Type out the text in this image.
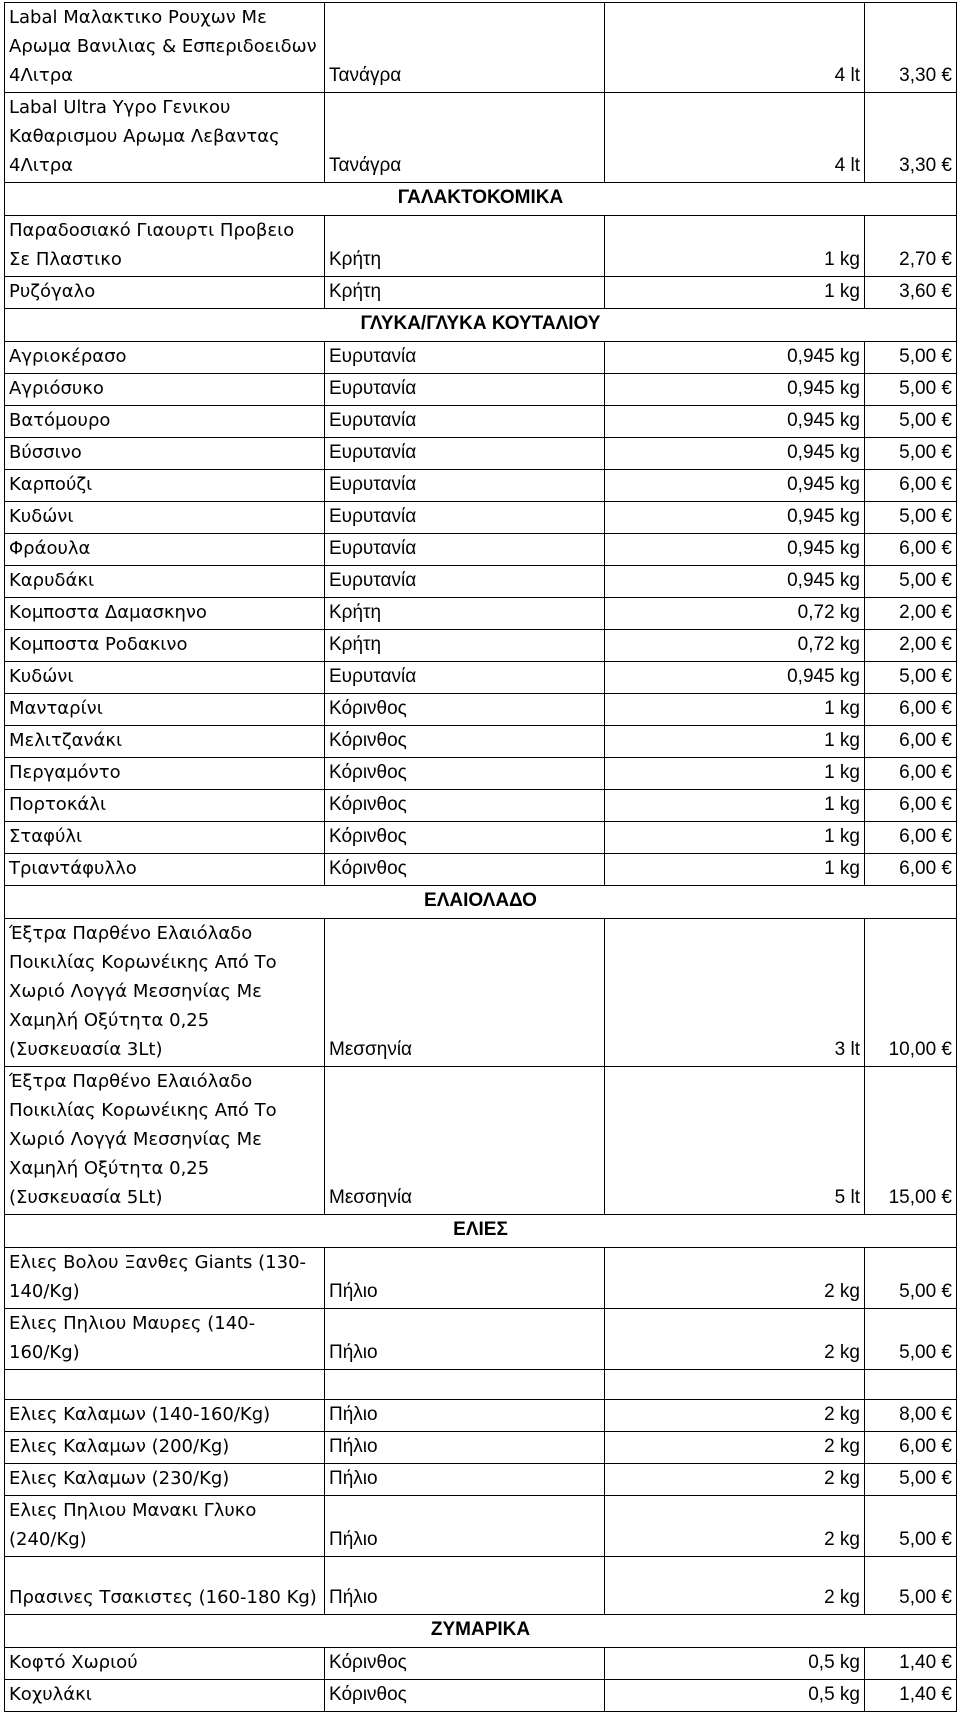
Labal Μαλακτικο Ρουχων Με Αρωμα Βανιλιας & Εσπεριδοειδων 4Λιτρα	Τανάγρα	4 lt	3,30 €
Labal Ultra Υγρο Γενικου Καθαρισμου Αρωμα Λεβαντας 4Λιτρα	Τανάγρα	4 lt	3,30 €
ΓΑΛΑΚΤΟΚΟΜΙΚΑ			
Παραδοσιακό Γιαουρτι Προβειο Σε Πλαστικο	Κρήτη	1 kg	2,70 €
Ρυζόγαλο	Κρήτη	1 kg	3,60 €
ΓΛΥΚΑ/ΓΛΥΚΑ ΚΟΥΤΑΛΙΟΥ			
Αγριοκέρασο	Ευρυτανία	0,945 kg	5,00 €
Αγριόσυκο	Ευρυτανία	0,945 kg	5,00 €
Βατόμουρο	Ευρυτανία	0,945 kg	5,00 €
Βύσσινο	Ευρυτανία	0,945 kg	5,00 €
Καρπούζι	Ευρυτανία	0,945 kg	6,00 €
Κυδώνι	Ευρυτανία	0,945 kg	5,00 €
Φράουλα	Ευρυτανία	0,945 kg	6,00 €
Καρυδάκι	Ευρυτανία	0,945 kg	5,00 €
Κομποστα Δαμασκηνο	Κρήτη	0,72 kg	2,00 €
Κομποστα Ροδακινο	Κρήτη	0,72 kg	2,00 €
Κυδώνι	Ευρυτανία	0,945 kg	5,00 €
Μανταρίνι	Κόρινθος	1 kg	6,00 €
Μελιτζανάκι	Κόρινθος	1 kg	6,00 €
Περγαμόντο	Κόρινθος	1 kg	6,00 €
Πορτοκάλι	Κόρινθος	1 kg	6,00 €
Σταφύλι	Κόρινθος	1 kg	6,00 €
Τριαντάφυλλο	Κόρινθος	1 kg	6,00 €
ΕΛΑΙΟΛΑΔΟ			
Έξτρα Παρθένο Ελαιόλαδο Ποικιλίας Κορωνέικης Από Το Χωριό Λογγά Μεσσηνίας Με Χαμηλή Οξύτητα 0,25 (Συσκευασία 3Lt)	Μεσσηνία	3 lt	10,00 €
Έξτρα Παρθένο Ελαιόλαδο Ποικιλίας Κορωνέικης Από Το Χωριό Λογγά Μεσσηνίας Με Χαμηλή Οξύτητα 0,25 (Συσκευασία 5Lt)	Μεσσηνία	5 lt	15,00 €
ΕΛΙΕΣ			
Ελιες Βολου Ξανθες Giants (130-140/Kg)	Πήλιο	2 kg	5,00 €
Ελιες Πηλιου Μαυρες (140-160/Kg)	Πήλιο	2 kg	5,00 €

Ελιες Καλαμων (140-160/Kg)	Πήλιο	2 kg	8,00 €
Ελιες Καλαμων (200/Kg)	Πήλιο	2 kg	6,00 €
Ελιες Καλαμων (230/Kg)	Πήλιο	2 kg	5,00 €
Ελιες Πηλιου Μανακι Γλυκο (240/Kg)	Πήλιο	2 kg	5,00 €
Πρασινες Τσακιστες (160-180 Kg)	Πήλιο	2 kg	5,00 €
ΖΥΜΑΡΙΚΑ			
Κοφτό Χωριού	Κόρινθος	0,5 kg	1,40 €
Κοχυλάκι	Κόρινθος	0,5 kg	1,40 €
